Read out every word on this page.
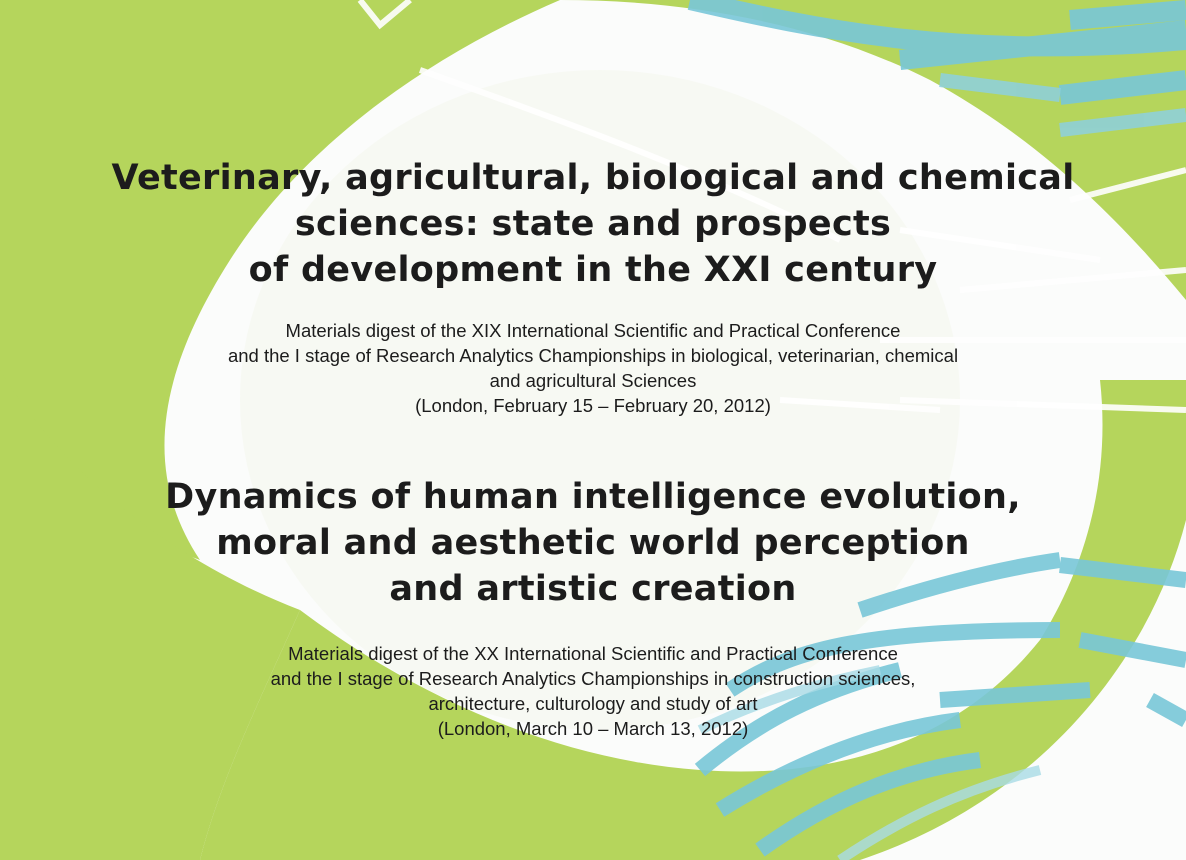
Veterinary, agricultural, biological and chemical
sciences: state and prospects
of development in the XXI century

Materials digest of the XIX International Scientific and Practical Conference
and the I stage of Research Analytics Championships in biological, veterinarian, chemical
and agricultural Sciences
(London, February 15 – February 20, 2012)

Dynamics of human intelligence evolution,
moral and aesthetic world perception
and artistic creation

Materials digest of the XX International Scientific and Practical Conference
and the I stage of Research Analytics Championships in construction sciences,
architecture, culturology and study of art
(London, March 10 – March 13, 2012)
